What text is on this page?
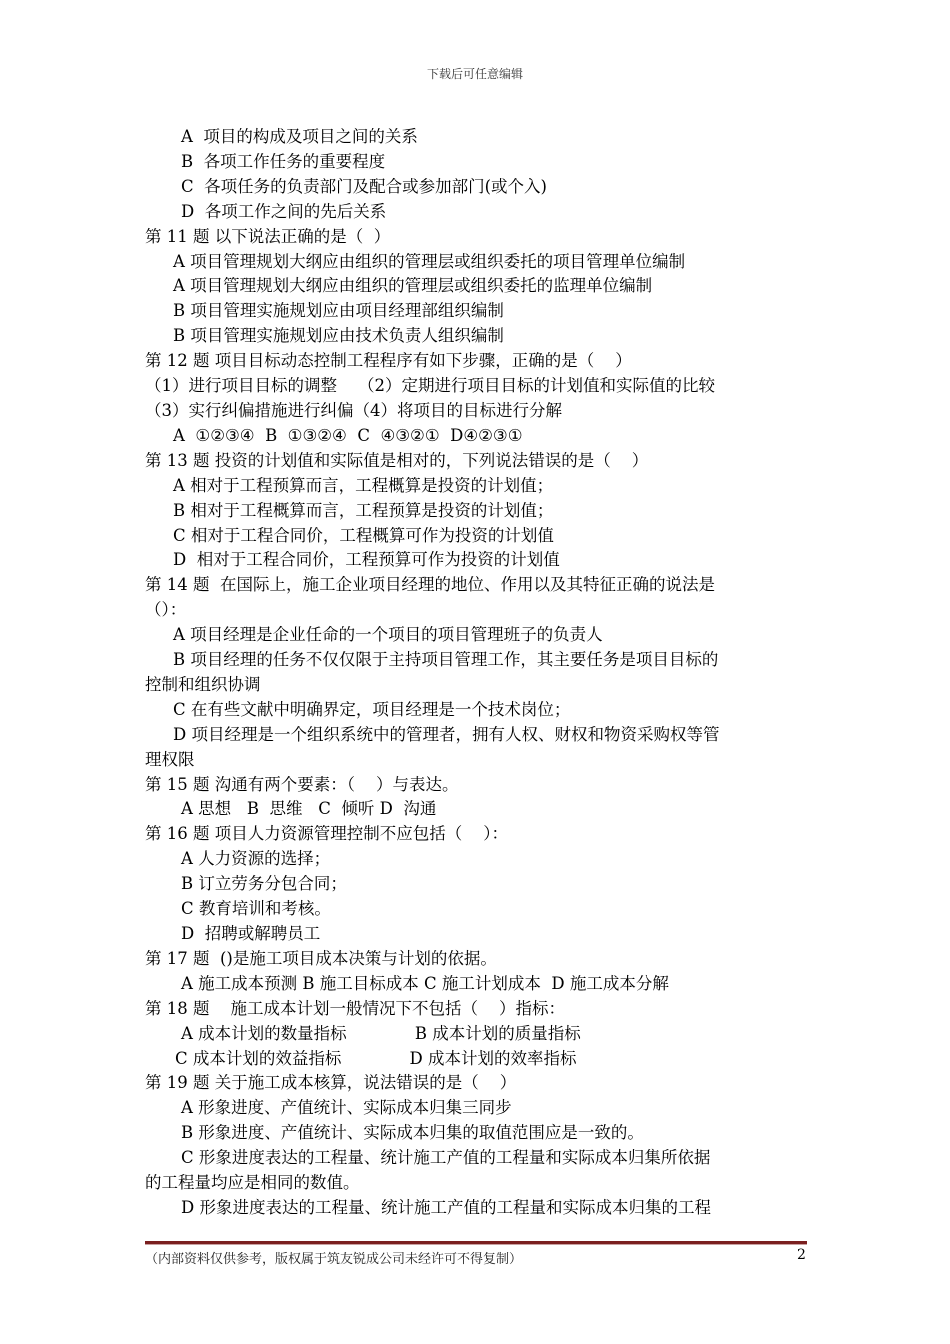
下载后可任意编辑
A  项目的构成及项目之间的关系
B  各项工作任务的重要程度
C  各项任务的负责部门及配合或参加部门(或个入)
D  各项工作之间的先后关系
第 11 题 以下说法正确的是（  ）
A 项目管理规划大纲应由组织的管理层或组织委托的项目管理单位编制
A 项目管理规划大纲应由组织的管理层或组织委托的监理单位编制
B 项目管理实施规划应由项目经理部组织编制
B 项目管理实施规划应由技术负责人组织编制
第 12 题 项目目标动态控制工程程序有如下步骤，正确的是（    ）
（1）进行项目目标的调整    （2）定期进行项目目标的计划值和实际值的比较
（3）实行纠偏措施进行纠偏（4）将项目的目标进行分解
A  ①②③④  B  ①③②④  C  ④③②①  D④②③①
第 13 题 投资的计划值和实际值是相对的，下列说法错误的是（    ）
A 相对于工程预算而言，工程概算是投资的计划值；
B 相对于工程概算而言，工程预算是投资的计划值；
C 相对于工程合同价，工程概算可作为投资的计划值
D  相对于工程合同价，工程预算可作为投资的计划值
第 14 题  在国际上，施工企业项目经理的地位、作用以及其特征正确的说法是
（）：
A 项目经理是企业任命的一个项目的项目管理班子的负责人
B 项目经理的任务不仅仅限于主持项目管理工作，其主要任务是项目目标的
控制和组织协调
C 在有些文献中明确界定，项目经理是一个技术岗位；
D 项目经理是一个组织系统中的管理者，拥有人权、财权和物资采购权等管
理权限
第 15 题 沟通有两个要素：（    ）与表达。
A 思想   B  思维   C  倾听 D  沟通
第 16 题 项目人力资源管理控制不应包括（    ）：
A 人力资源的选择；
B 订立劳务分包合同；
C 教育培训和考核。
D  招聘或解聘员工
第 17 题  ()是施工项目成本决策与计划的依据。
A 施工成本预测 B 施工目标成本 C 施工计划成本  D 施工成本分解
第 18 题    施工成本计划一般情况下不包括（    ）指标：
A 成本计划的数量指标             B 成本计划的质量指标
C 成本计划的效益指标             D 成本计划的效率指标
第 19 题 关于施工成本核算，说法错误的是（    ）
A 形象进度、产值统计、实际成本归集三同步
B 形象进度、产值统计、实际成本归集的取值范围应是一致的。
C 形象进度表达的工程量、统计施工产值的工程量和实际成本归集所依据
的工程量均应是相同的数值。
D 形象进度表达的工程量、统计施工产值的工程量和实际成本归集的工程
（内部资料仅供参考，版权属于筑友锐成公司未经许可不得复制）	2
